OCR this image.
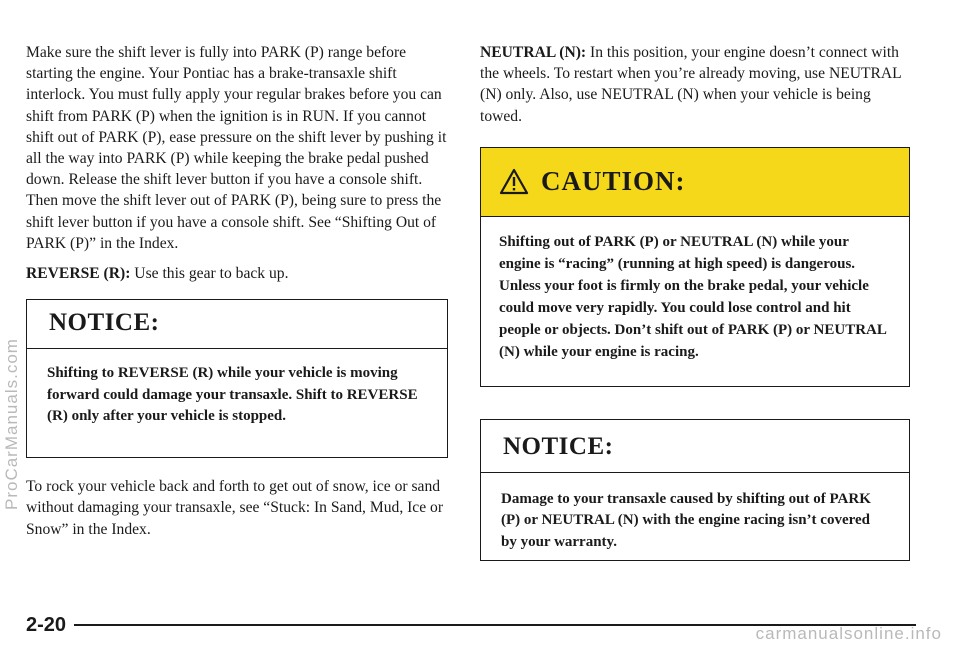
Make sure the shift lever is fully into PARK (P) range before starting the engine. Your Pontiac has a brake-transaxle shift interlock. You must fully apply your regular brakes before you can shift from PARK (P) when the ignition is in RUN. If you cannot shift out of PARK (P), ease pressure on the shift lever by pushing it all the way into PARK (P) while keeping the brake pedal pushed down. Release the shift lever button if you have a console shift. Then move the shift lever out of PARK (P), being sure to press the shift lever button if you have a console shift. See “Shifting Out of PARK (P)” in the Index.

REVERSE (R): Use this gear to back up.

NOTICE:
Shifting to REVERSE (R) while your vehicle is moving forward could damage your transaxle. Shift to REVERSE (R) only after your vehicle is stopped.

To rock your vehicle back and forth to get out of snow, ice or sand without damaging your transaxle, see “Stuck: In Sand, Mud, Ice or Snow” in the Index.

NEUTRAL (N): In this position, your engine doesn’t connect with the wheels. To restart when you’re already moving, use NEUTRAL (N) only. Also, use NEUTRAL (N) when your vehicle is being towed.

CAUTION:
Shifting out of PARK (P) or NEUTRAL (N) while your engine is “racing” (running at high speed) is dangerous. Unless your foot is firmly on the brake pedal, your vehicle could move very rapidly. You could lose control and hit people or objects. Don’t shift out of PARK (P) or NEUTRAL (N) while your engine is racing.
NOTICE:
Damage to your transaxle caused by shifting out of PARK (P) or NEUTRAL (N) with the engine racing isn’t covered by your warranty.
2-20
ProCarManuals.com
carmanualsonline.info
